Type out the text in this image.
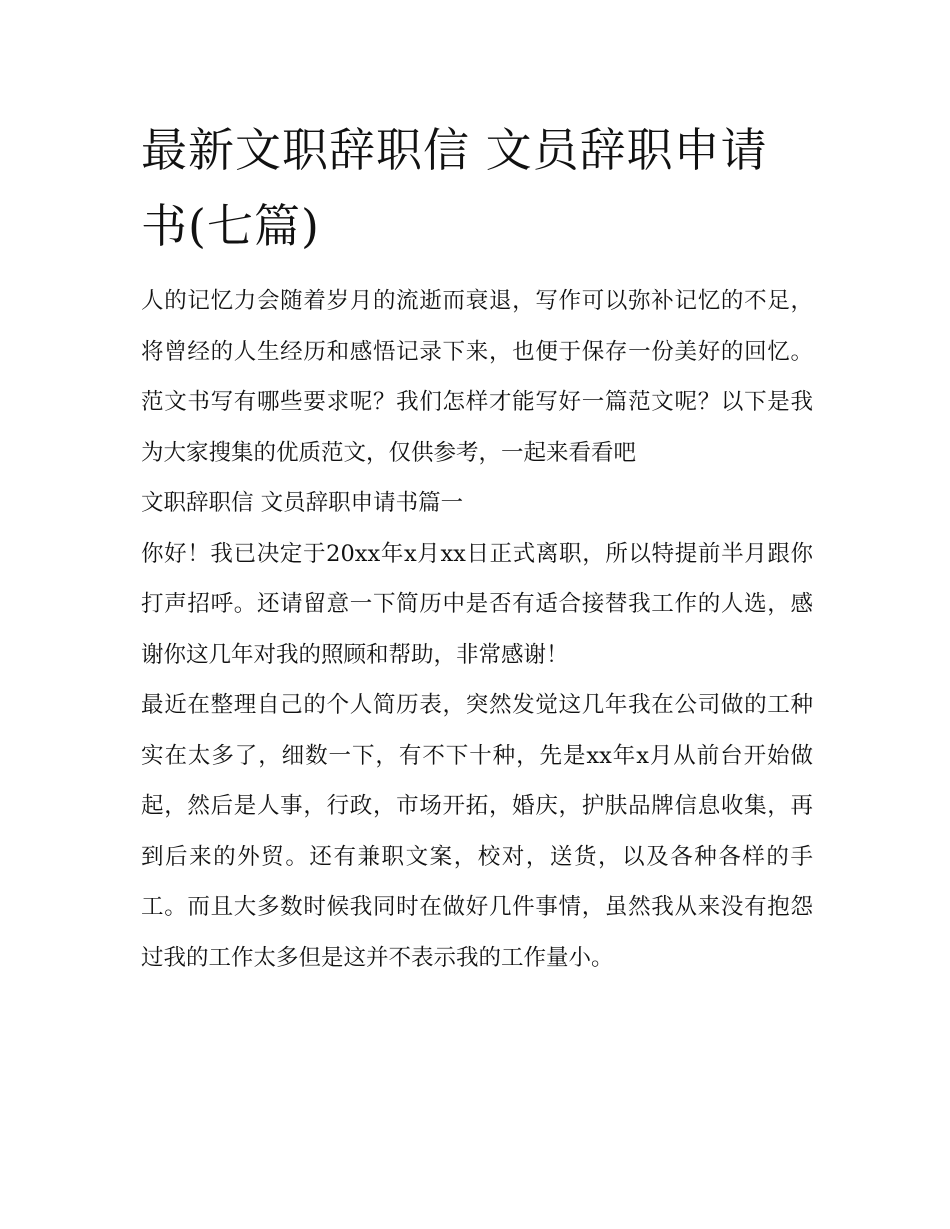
最新文职辞职信 文员辞职申请书(七篇)

人的记忆力会随着岁月的流逝而衰退，写作可以弥补记忆的不足，将曾经的人生经历和感悟记录下来，也便于保存一份美好的回忆。范文书写有哪些要求呢？我们怎样才能写好一篇范文呢？以下是我为大家搜集的优质范文，仅供参考，一起来看看吧

文职辞职信 文员辞职申请书篇一

你好！我已决定于20xx年x月xx日正式离职，所以特提前半月跟你打声招呼。还请留意一下简历中是否有适合接替我工作的人选，感谢你这几年对我的照顾和帮助，非常感谢！

最近在整理自己的个人简历表，突然发觉这几年我在公司做的工种实在太多了，细数一下，有不下十种，先是xx年x月从前台开始做起，然后是人事，行政，市场开拓，婚庆，护肤品牌信息收集，再到后来的外贸。还有兼职文案，校对，送货，以及各种各样的手工。而且大多数时候我同时在做好几件事情，虽然我从来没有抱怨过我的工作太多但是这并不表示我的工作量小。
